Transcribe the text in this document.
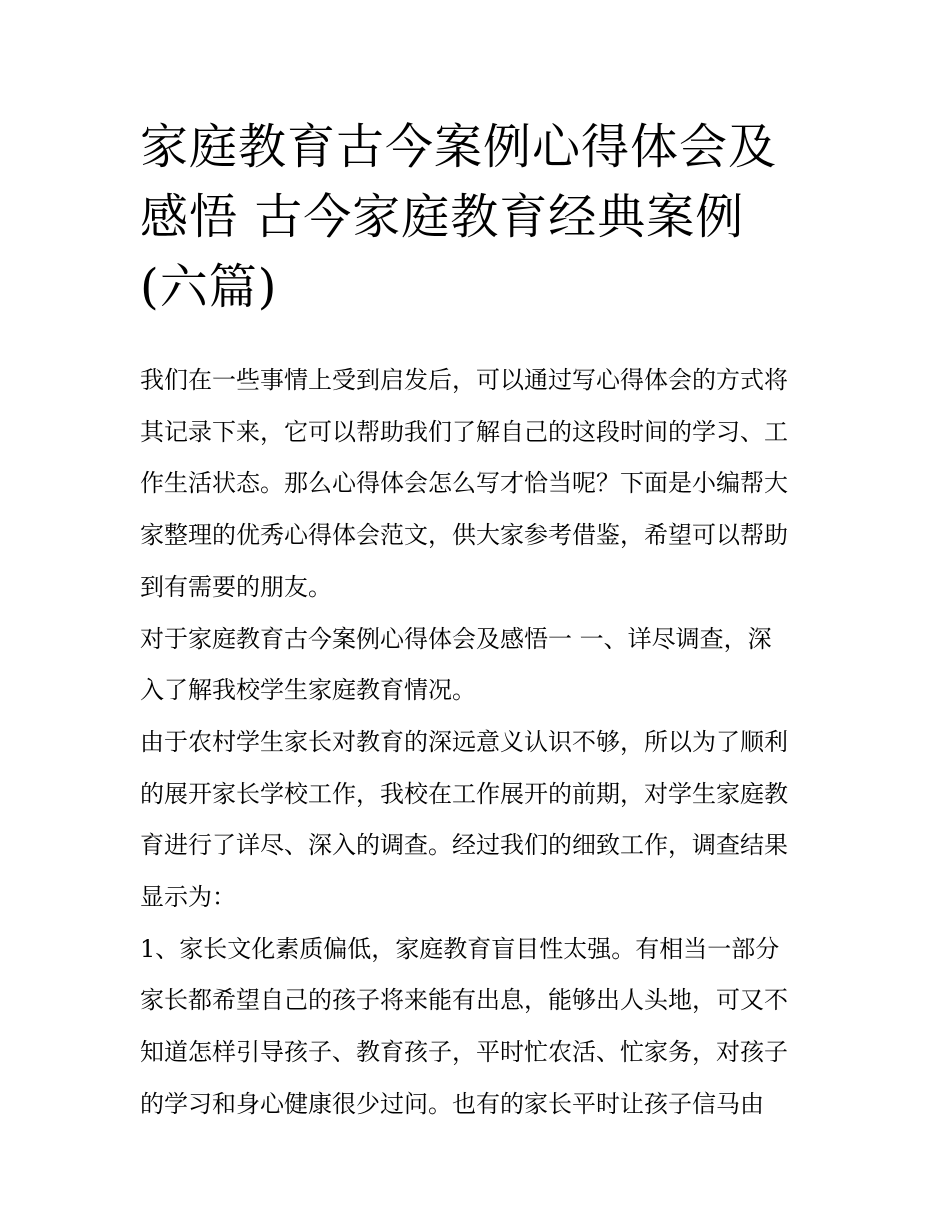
家庭教育古今案例心得体会及
感悟 古今家庭教育经典案例
(六篇)

我们在一些事情上受到启发后，可以通过写心得体会的方式将
其记录下来，它可以帮助我们了解自己的这段时间的学习、工
作生活状态。那么心得体会怎么写才恰当呢？下面是小编帮大
家整理的优秀心得体会范文，供大家参考借鉴，希望可以帮助
到有需要的朋友。

对于家庭教育古今案例心得体会及感悟一 一、详尽调查，深
入了解我校学生家庭教育情况。

由于农村学生家长对教育的深远意义认识不够，所以为了顺利
的展开家长学校工作，我校在工作展开的前期，对学生家庭教
育进行了详尽、深入的调查。经过我们的细致工作，调查结果
显示为：

1、家长文化素质偏低，家庭教育盲目性太强。有相当一部分
家长都希望自己的孩子将来能有出息，能够出人头地，可又不
知道怎样引导孩子、教育孩子，平时忙农活、忙家务，对孩子
的学习和身心健康很少过问。也有的家长平时让孩子信马由
